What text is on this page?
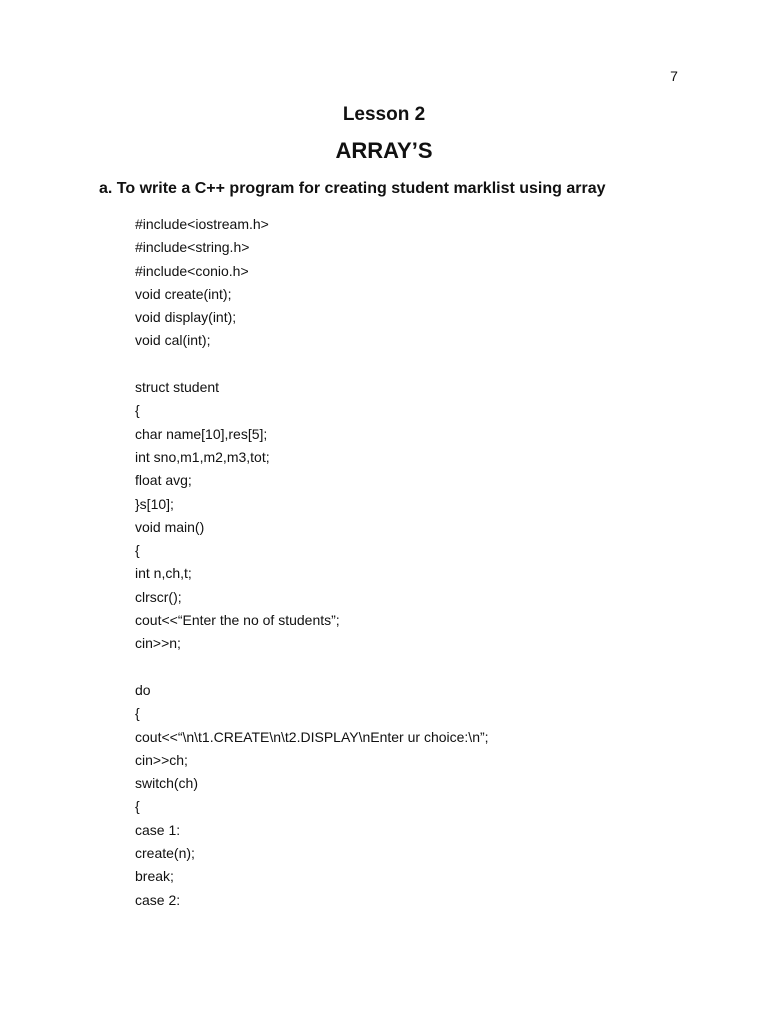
7
Lesson 2
ARRAY’S
a. To write a C++ program for creating student marklist using array
#include<iostream.h>
#include<string.h>
#include<conio.h>
void create(int);
void display(int);
void cal(int);
struct student
{
char name[10],res[5];
int sno,m1,m2,m3,tot;
float avg;
}s[10];
void main()
{
int n,ch,t;
clrscr();
cout<<“Enter the no of students”;
cin>>n;
do
{
cout<<“\n\t1.CREATE\n\t2.DISPLAY\nEnter ur choice:\n”;
cin>>ch;
switch(ch)
{
case 1:
create(n);
break;
case 2:
